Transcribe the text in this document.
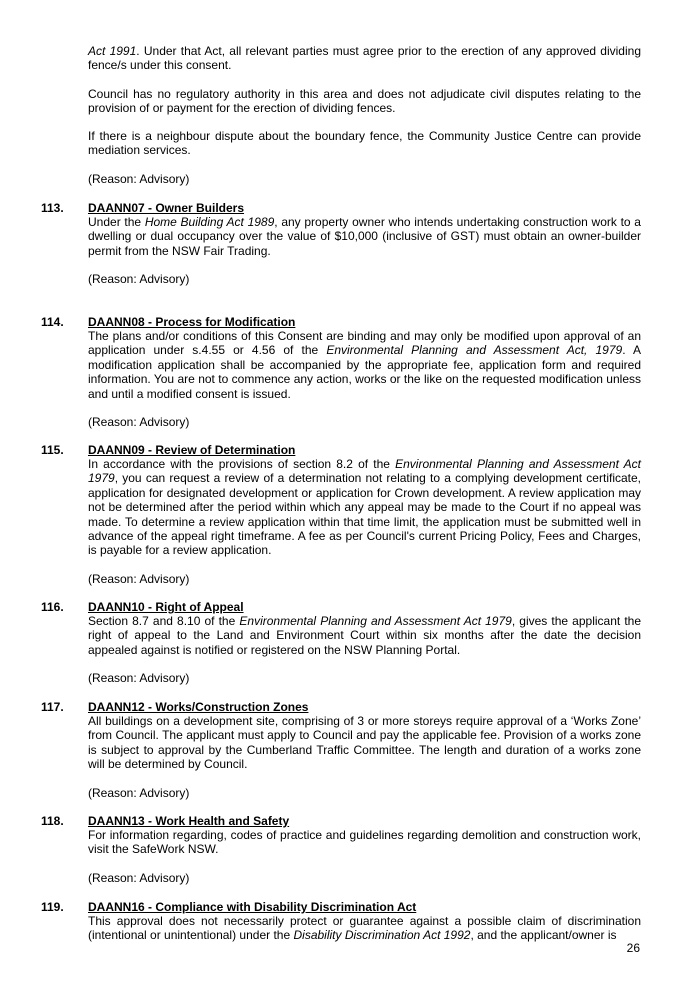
Act 1991. Under that Act, all relevant parties must agree prior to the erection of any approved dividing fence/s under this consent.

Council has no regulatory authority in this area and does not adjudicate civil disputes relating to the provision of or payment for the erection of dividing fences.

If there is a neighbour dispute about the boundary fence, the Community Justice Centre can provide mediation services.

(Reason: Advisory)

113. DAANN07 - Owner Builders

Under the Home Building Act 1989, any property owner who intends undertaking construction work to a dwelling or dual occupancy over the value of $10,000 (inclusive of GST) must obtain an owner-builder permit from the NSW Fair Trading.

(Reason: Advisory)

114. DAANN08 - Process for Modification

The plans and/or conditions of this Consent are binding and may only be modified upon approval of an application under s.4.55 or 4.56 of the Environmental Planning and Assessment Act, 1979. A modification application shall be accompanied by the appropriate fee, application form and required information. You are not to commence any action, works or the like on the requested modification unless and until a modified consent is issued.

(Reason: Advisory)

115. DAANN09 - Review of Determination

In accordance with the provisions of section 8.2 of the Environmental Planning and Assessment Act 1979, you can request a review of a determination not relating to a complying development certificate, application for designated development or application for Crown development. A review application may not be determined after the period within which any appeal may be made to the Court if no appeal was made. To determine a review application within that time limit, the application must be submitted well in advance of the appeal right timeframe. A fee as per Council's current Pricing Policy, Fees and Charges, is payable for a review application.

(Reason: Advisory)

116. DAANN10 - Right of Appeal

Section 8.7 and 8.10 of the Environmental Planning and Assessment Act 1979, gives the applicant the right of appeal to the Land and Environment Court within six months after the date the decision appealed against is notified or registered on the NSW Planning Portal.

(Reason: Advisory)

117. DAANN12 - Works/Construction Zones

All buildings on a development site, comprising of 3 or more storeys require approval of a ‘Works Zone’ from Council. The applicant must apply to Council and pay the applicable fee. Provision of a works zone is subject to approval by the Cumberland Traffic Committee. The length and duration of a works zone will be determined by Council.

(Reason: Advisory)

118. DAANN13 - Work Health and Safety

For information regarding, codes of practice and guidelines regarding demolition and construction work, visit the SafeWork NSW.

(Reason: Advisory)

119. DAANN16 - Compliance with Disability Discrimination Act

This approval does not necessarily protect or guarantee against a possible claim of discrimination (intentional or unintentional) under the Disability Discrimination Act 1992, and the applicant/owner is

26
